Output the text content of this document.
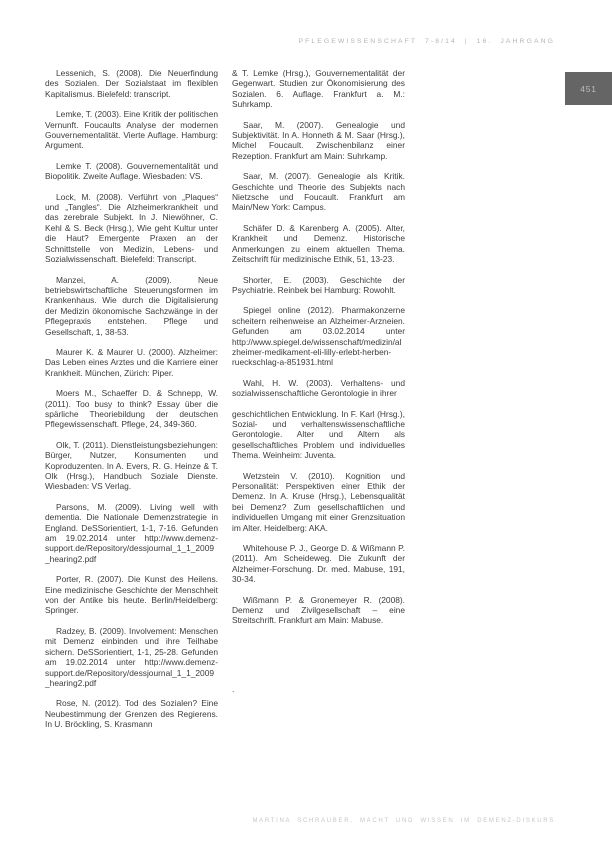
PFLEGEWISSENSCHAFT 7-8/14 | 16. JAHRGANG
451

Lessenich, S. (2008). Die Neuerfindung des Sozialen. Der Sozialstaat im flexiblen Kapitalismus. Bielefeld: transcript.

Lemke, T. (2003). Eine Kritik der politischen Vernunft. Foucaults Analyse der modernen Gouvernementalität. Vierte Auflage. Hamburg: Argument.

Lemke T. (2008). Gouvernementalität und Biopolitik. Zweite Auflage. Wiesbaden: VS.

Lock, M. (2008). Verführt von „Plaques“ und „Tangles“. Die Alzheimerkrankheit und das zerebrale Subjekt. In J. Niewöhner, C. Kehl & S. Beck (Hrsg.), Wie geht Kultur unter die Haut? Emergente Praxen an der Schnittstelle von Medizin, Lebens- und Sozialwissenschaft. Bielefeld: Transcript.

Manzei, A. (2009). Neue betriebswirtschaftliche Steuerungsformen im Krankenhaus. Wie durch die Digitalisierung der Medizin ökonomische Sachzwänge in der Pflegepraxis entstehen. Pflege und Gesellschaft, 1, 38-53.

Maurer K. & Maurer U. (2000). Alzheimer: Das Leben eines Arztes und die Karriere einer Krankheit. München, Zürich: Piper.

Moers M., Schaeffer D. & Schnepp, W. (2011). Too busy to think? Essay über die spärliche Theoriebildung der deutschen Pflegewissenschaft. Pflege, 24, 349-360.

Olk, T. (2011). Dienstleistungsbeziehungen: Bürger, Nutzer, Konsumenten und Koproduzenten. In A. Evers, R. G. Heinze & T. Olk (Hrsg.), Handbuch Soziale Dienste. Wiesbaden: VS Verlag.

Parsons, M. (2009). Living well with dementia. Die Nationale Demenzstrategie in England. DeSSorientiert, 1-1, 7-16. Gefunden am 19.02.2014 unter http://www.demenz-support.de/Repository/dessjournal_1_1_2009_hearing2.pdf

Porter, R. (2007). Die Kunst des Heilens. Eine medizinische Geschichte der Menschheit von der Antike bis heute. Berlin/Heidelberg: Springer.

Radzey, B. (2009). Involvement: Menschen mit Demenz einbinden und ihre Teilhabe sichern. DeSSorientiert, 1-1, 25-28. Gefunden am 19.02.2014 unter http://www.demenz-support.de/Repository/dessjournal_1_1_2009_hearing2.pdf

Rose, N. (2012). Tod des Sozialen? Eine Neubestimmung der Grenzen des Regierens. In U. Bröckling, S. Krasmann

& T. Lemke (Hrsg.), Gouvernementalität der Gegenwart. Studien zur Ökonomisierung des Sozialen. 6. Auflage. Frankfurt a. M.: Suhrkamp.

Saar, M. (2007). Genealogie und Subjektivität. In A. Honneth & M. Saar (Hrsg.), Michel Foucault. Zwischenbilanz einer Rezeption. Frankfurt am Main: Suhrkamp.

Saar, M. (2007). Genealogie als Kritik. Geschichte und Theorie des Subjekts nach Nietzsche und Foucault. Frankfurt am Main/New York: Campus.

Schäfer D. & Karenberg A. (2005). Alter, Krankheit und Demenz. Historische Anmerkungen zu einem aktuellen Thema. Zeitschrift für medizinische Ethik, 51, 13-23.

Shorter, E. (2003). Geschichte der Psychiatrie. Reinbek bei Hamburg: Rowohlt.

Spiegel online (2012). Pharmakonzerne scheitern reihenweise an Alzheimer-Arzneien. Gefunden am 03.02.2014 unter http://www.spiegel.de/wissenschaft/medizin/alzheimer-medikament-eli-lilly-erlebt-herben-rueckschlag-a-851931.html

Wahl, H. W. (2003). Verhaltens- und sozialwissenschaftliche Gerontologie in ihrer

geschichtlichen Entwicklung. In F. Karl (Hrsg.), Sozial- und verhaltenswissenschaftliche Gerontologie. Alter und Altern als gesellschaftliches Problem und individuelles Thema. Weinheim: Juventa.

Wetzstein V. (2010). Kognition und Personalität: Perspektiven einer Ethik der Demenz. In A. Kruse (Hrsg.), Lebensqualität bei Demenz? Zum gesellschaftlichen und individuellen Umgang mit einer Grenzsituation im Alter. Heidelberg: AKA.

Whitehouse P. J., George D. & Wißmann P. (2011). Am Scheideweg. Die Zukunft der Alzheimer-Forschung. Dr. med. Mabuse, 191, 30-34.

Wißmann P. & Gronemeyer R. (2008). Demenz und Zivilgesellschaft – eine Streitschrift. Frankfurt am Main: Mabuse.

.

MARTINA SCHRAUBER, MACHT UND WISSEN IM DEMENZ-DISKURS
